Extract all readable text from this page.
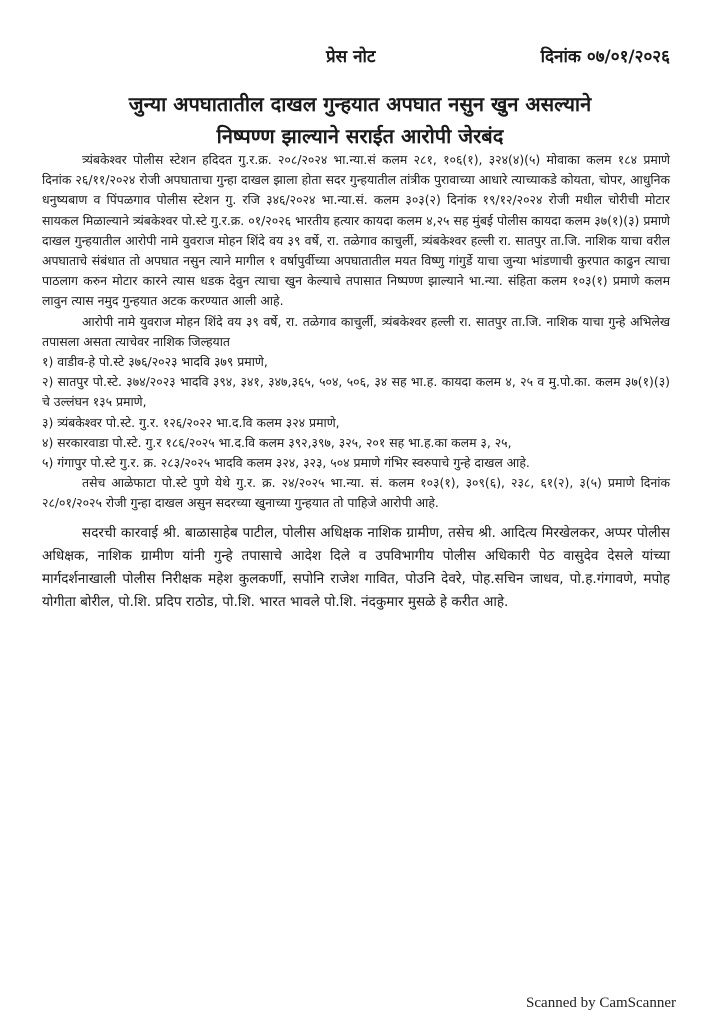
प्रेस नोट	दिनांक ०७/०१/२०२६
जुन्या अपघातातील दाखल गुन्हयात अपघात नसुन खुन असल्याने
निष्पण्ण झाल्याने सराईत आरोपी जेरबंद

त्र्यंबकेश्वर पोलीस स्टेशन हदिदत गु.र.क्र. २०८/२०२४ भा.न्या.सं कलम २८१, १०६(१), ३२४(४)(५) मोवाका कलम १८४ प्रमाणे दिनांक २६/११/२०२४ रोजी अपघाताचा गुन्हा दाखल झाला होता सदर गुन्हयातील तांत्रीक पुरावाच्या आधारे त्याच्याकडे कोयता, चोपर, आधुनिक धनुष्यबाण व पिंपळगाव पोलीस स्टेशन गु. रजि ३४६/२०२४ भा.न्या.सं. कलम ३०३(२) दिनांक १९/१२/२०२४ रोजी मधील चोरीची मोटार सायकल मिळाल्याने त्र्यंबकेश्वर पो.स्टे गु.र.क्र. ०१/२०२६ भारतीय हत्यार कायदा कलम ४,२५ सह मुंबई पोलीस कायदा कलम ३७(१)(३) प्रमाणे दाखल गुन्हयातील आरोपी नामे युवराज मोहन शिंदे वय ३९ वर्षे, रा. तळेगाव काचुर्ली, त्र्यंबकेश्वर हल्ली रा. सातपुर ता.जि. नाशिक याचा वरील अपघाताचे संबंधात तो अपघात नसुन त्याने मागील १ वर्षापुर्वीच्या अपघातातील मयत विष्णु गांगुर्डे याचा जुन्या भांडणाची कुरपात काढुन त्याचा पाठलाग करुन मोटार कारने त्यास धडक देवुन त्याचा खुन केल्याचे तपासात निष्पण्ण झाल्याने भा.न्या. संहिता कलम १०३(१) प्रमाणे कलम लावुन त्यास नमुद गुन्हयात अटक करण्यात आली आहे.

आरोपी नामे युवराज मोहन शिंदे वय ३९ वर्षे, रा. तळेगाव काचुर्ली, त्र्यंबकेश्वर हल्ली रा. सातपुर ता.जि. नाशिक याचा गुन्हे अभिलेख तपासला असता त्याचेवर नाशिक जिल्हयात

१) वाडीव-हे पो.स्टे ३७६/२०२३ भादवि ३७९ प्रमाणे,

२) सातपुर पो.स्टे. ३७४/२०२३ भादवि ३९४, ३४१, ३४७,३६५, ५०४, ५०६, ३४ सह भा.ह. कायदा कलम ४, २५ व मु.पो.का. कलम ३७(१)(३) चे उल्लंघन १३५ प्रमाणे,

३) त्र्यंबकेश्वर पो.स्टे. गु.र. १२६/२०२२ भा.द.वि कलम ३२४ प्रमाणे,

४) सरकारवाडा पो.स्टे. गु.र १८६/२०२५ भा.द.वि कलम ३९२,३९७, ३२५, २०१ सह भा.ह.का कलम ३, २५,

५) गंगापुर पो.स्टे गु.र. क्र. २८३/२०२५ भादवि कलम ३२४, ३२३, ५०४ प्रमाणे गंभिर स्वरुपाचे गुन्हे दाखल आहे.

तसेच आळेफाटा पो.स्टे पुणे येथे गु.र. क्र. २४/२०२५ भा.न्या. सं. कलम १०३(१), ३०९(६), २३८, ६१(२), ३(५) प्रमाणे दिनांक २८/०१/२०२५ रोजी गुन्हा दाखल असुन सदरच्या खुनाच्या गुन्हयात तो पाहिजे आरोपी आहे.

सदरची कारवाई श्री. बाळासाहेब पाटील, पोलीस अधिक्षक नाशिक ग्रामीण, तसेच श्री. आदित्य मिरखेलकर, अप्पर पोलीस अधिक्षक, नाशिक ग्रामीण यांनी गुन्हे तपासाचे आदेश दिले व उपविभागीय पोलीस अधिकारी पेठ वासुदेव देसले यांच्या मार्गदर्शनाखाली पोलीस निरीक्षक महेश कुलकर्णी, सपोनि राजेश गावित, पोउनि देवरे, पोह.सचिन जाधव, पो.ह.गंगावणे, मपोह योगीता बोरील, पो.शि. प्रदिप राठोड, पो.शि. भारत भावले पो.शि. नंदकुमार मुसळे हे करीत आहे.

Scanned by CamScanner
